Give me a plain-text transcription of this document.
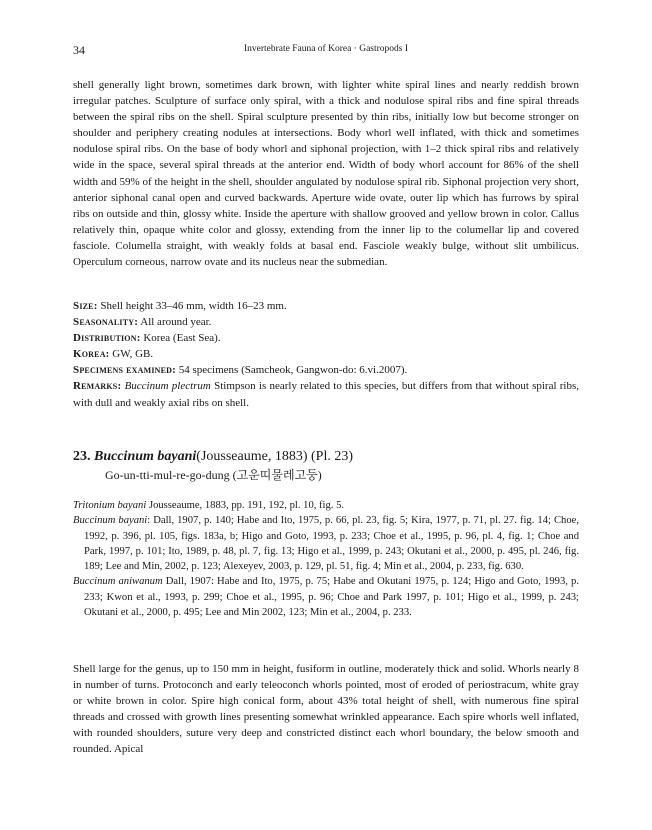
34	Invertebrate Fauna of Korea · Gastropods I

shell generally light brown, sometimes dark brown, with lighter white spiral lines and nearly reddish brown irregular patches. Sculpture of surface only spiral, with a thick and nodulose spiral ribs and fine spiral threads between the spiral ribs on the shell. Spiral sculpture presented by thin ribs, initially low but become stronger on shoulder and periphery creating nodules at intersections. Body whorl well inflated, with thick and sometimes nodulose spiral ribs. On the base of body whorl and siphonal projection, with 1–2 thick spiral ribs and relatively wide in the space, several spiral threads at the anterior end. Width of body whorl account for 86% of the shell width and 59% of the height in the shell, shoulder angulated by nodulose spiral rib. Siphonal projection very short, anterior siphonal canal open and curved backwards. Aperture wide ovate, outer lip which has furrows by spiral ribs on outside and thin, glossy white. Inside the aperture with shallow grooved and yellow brown in color. Callus relatively thin, opaque white color and glossy, extending from the inner lip to the columellar lip and covered fasciole. Columella straight, with weakly folds at basal end. Fasciole weakly bulge, without slit umbilicus. Operculum corneous, narrow ovate and its nucleus near the submedian.

Size: Shell height 33–46 mm, width 16–23 mm.
Seasonality: All around year.
Distribution: Korea (East Sea).
Korea: GW, GB.
Specimens examined: 54 specimens (Samcheok, Gangwon-do: 6.vi.2007).
Remarks: Buccinum plectrum Stimpson is nearly related to this species, but differs from that without spiral ribs, with dull and weakly axial ribs on shell.
23. Buccinum bayani(Jousseaume, 1883) (Pl. 23)
Go-un-tti-mul-re-go-dung (고운띠물레고둥)

Tritonium bayani Jousseaume, 1883, pp. 191, 192, pl. 10, fig. 5.

Buccinum bayani: Dall, 1907, p. 140; Habe and Ito, 1975, p. 66, pl. 23, fig. 5; Kira, 1977, p. 71, pl. 27. fig. 14; Choe, 1992, p. 396, pl. 105, figs. 183a, b; Higo and Goto, 1993, p. 233; Choe et al., 1995, p. 96, pl. 4, fig. 1; Choe and Park, 1997, p. 101; Ito, 1989, p. 48, pl. 7, fig. 13; Higo et al., 1999, p. 243; Okutani et al., 2000, p. 495, pl. 246, fig. 189; Lee and Min, 2002, p. 123; Alexeyev, 2003, p. 129, pl. 51, fig. 4; Min et al., 2004, p. 233, fig. 630.

Buccinum aniwanum Dall, 1907: Habe and Ito, 1975, p. 75; Habe and Okutani 1975, p. 124; Higo and Goto, 1993, p. 233; Kwon et al., 1993, p. 299; Choe et al., 1995, p. 96; Choe and Park 1997, p. 101; Higo et al., 1999, p. 243; Okutani et al., 2000, p. 495; Lee and Min 2002, 123; Min et al., 2004, p. 233.

Shell large for the genus, up to 150 mm in height, fusiform in outline, moderately thick and solid. Whorls nearly 8 in number of turns. Protoconch and early teleoconch whorls pointed, most of eroded of periostracum, white gray or white brown in color. Spire high conical form, about 43% total height of shell, with numerous fine spiral threads and crossed with growth lines presenting somewhat wrinkled appearance. Each spire whorls well inflated, with rounded shoulders, suture very deep and constricted distinct each whorl boundary, the below smooth and rounded. Apical
